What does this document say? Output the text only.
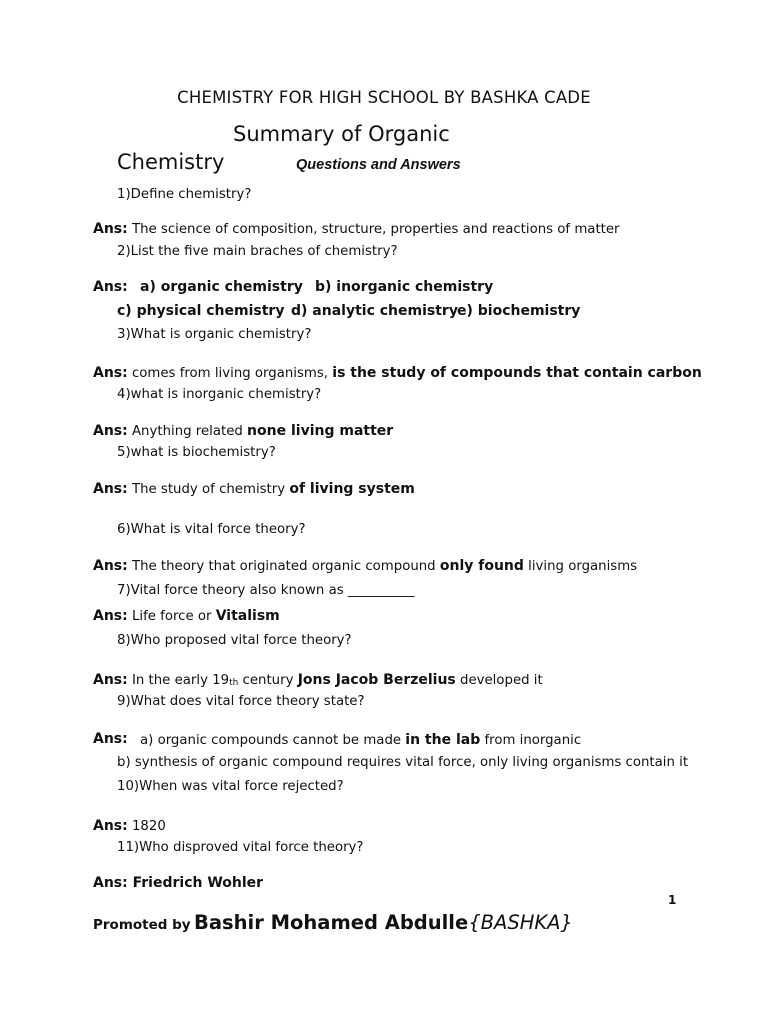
CHEMISTRY FOR HIGH SCHOOL BY BASHKA CADE
Summary of Organic
Chemistry	Questions and Answers
1)Define chemistry?
Ans: The science of composition, structure, properties and reactions of matter
2)List the five main braches of chemistry?
Ans: a) organic chemistry b) inorganic chemistry
c) physical chemistry d) analytic chemistry e) biochemistry
3)What is organic chemistry?
Ans: comes from living organisms, is the study of compounds that contain carbon
4)what is inorganic chemistry?
Ans: Anything related none living matter
5)what is biochemistry?
Ans: The study of chemistry of living system
6)What is vital force theory?
Ans: The theory that originated organic compound only found living organisms
7)Vital force theory also known as __________
Ans: Life force or Vitalism
8)Who proposed vital force theory?
Ans: In the early $19_{th}$ century Jons Jacob Berzelius developed it
9)What does vital force theory state?
Ans: a) organic compounds cannot be made in the lab from inorganic
b) synthesis of organic compound requires vital force, only living organisms contain it
10)When was vital force rejected?
Ans: 1820
11)Who disproved vital force theory?
Ans: Friedrich Wohler
1
Promoted by Bashir Mohamed Abdulle{BASHKA}
